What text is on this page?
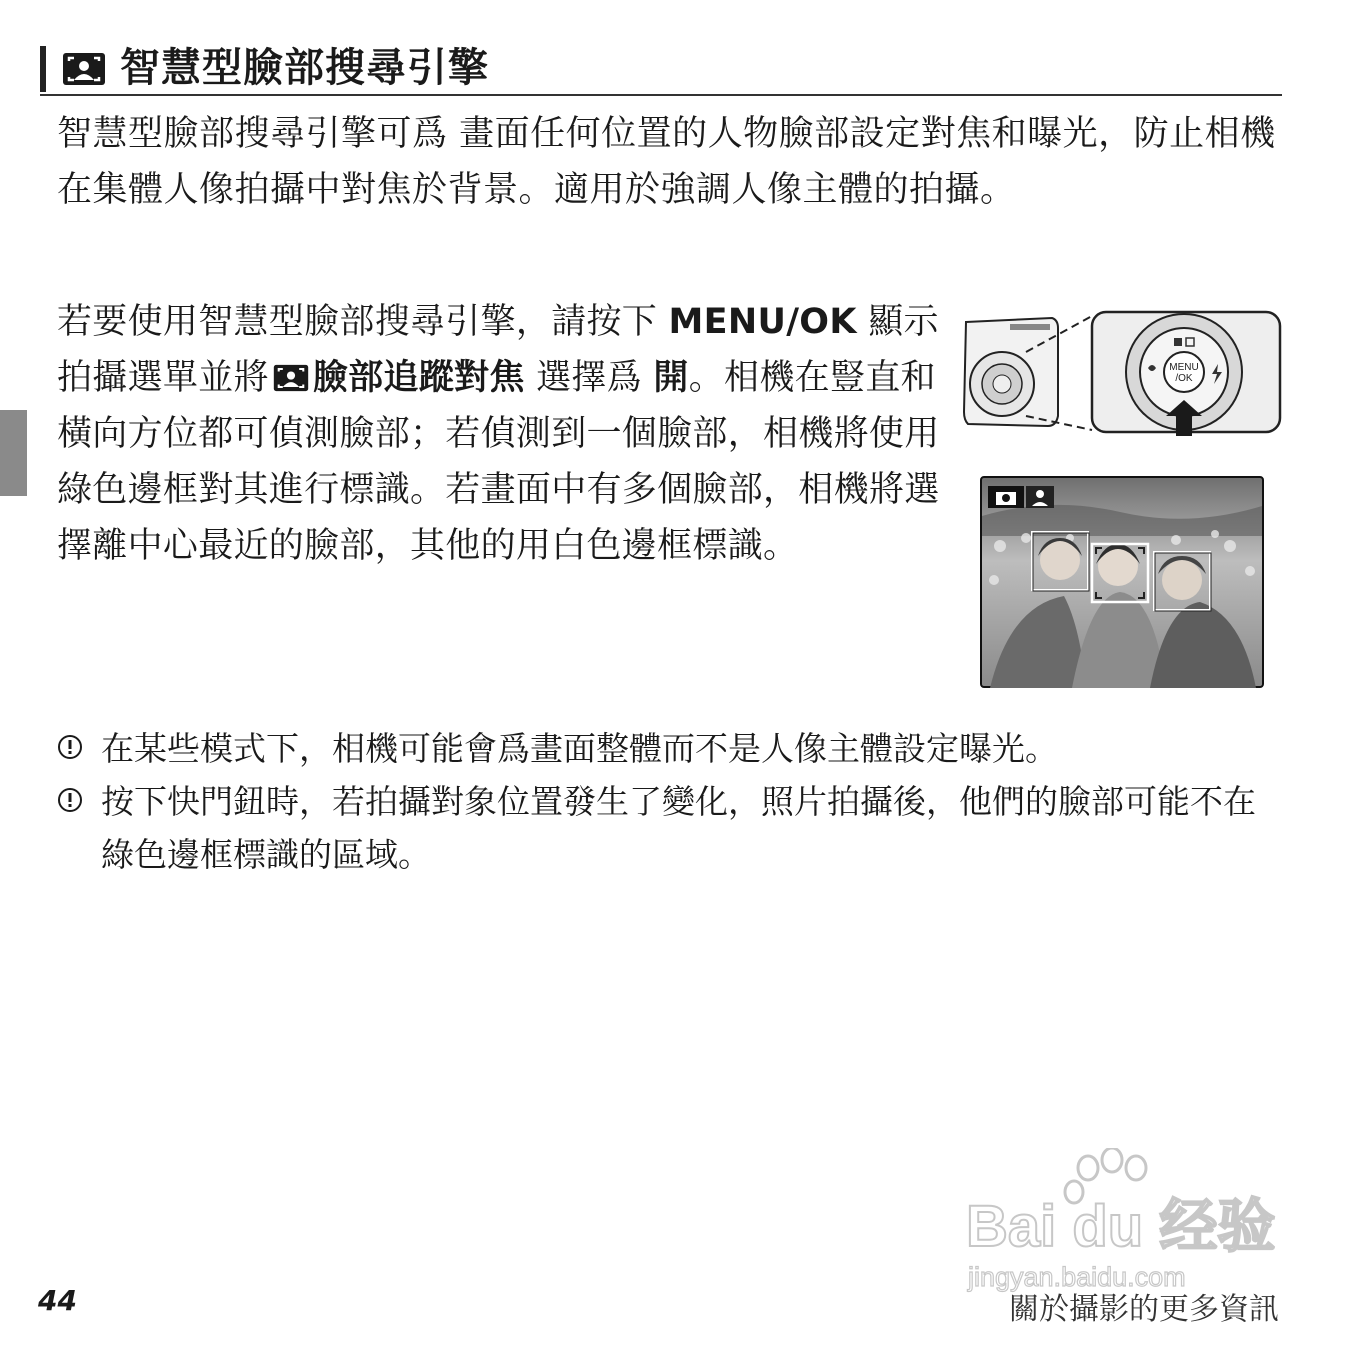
智慧型臉部搜尋引擎
智慧型臉部搜尋引擎可爲 畫面任何位置的人物臉部設定對焦和曝光，防止相機在集體人像拍攝中對焦於背景。適用於強調人像主體的拍攝。
若要使用智慧型臉部搜尋引擎，請按下 MENU/OK 顯示拍攝選單並將 臉部追蹤對焦 選擇爲 開。相機在豎直和橫向方位都可偵測臉部；若偵測到一個臉部，相機將使用綠色邊框對其進行標識。若畫面中有多個臉部，相機將選擇離中心最近的臉部，其他的用白色邊框標識。
MENU
/OK
在某些模式下，相機可能會爲畫面整體而不是人像主體設定曝光。
按下快門鈕時，若拍攝對象位置發生了變化，照片拍攝後，他們的臉部可能不在綠色邊框標識的區域。
Bai du 经验
jingyan.baidu.com
44	關於攝影的更多資訊
